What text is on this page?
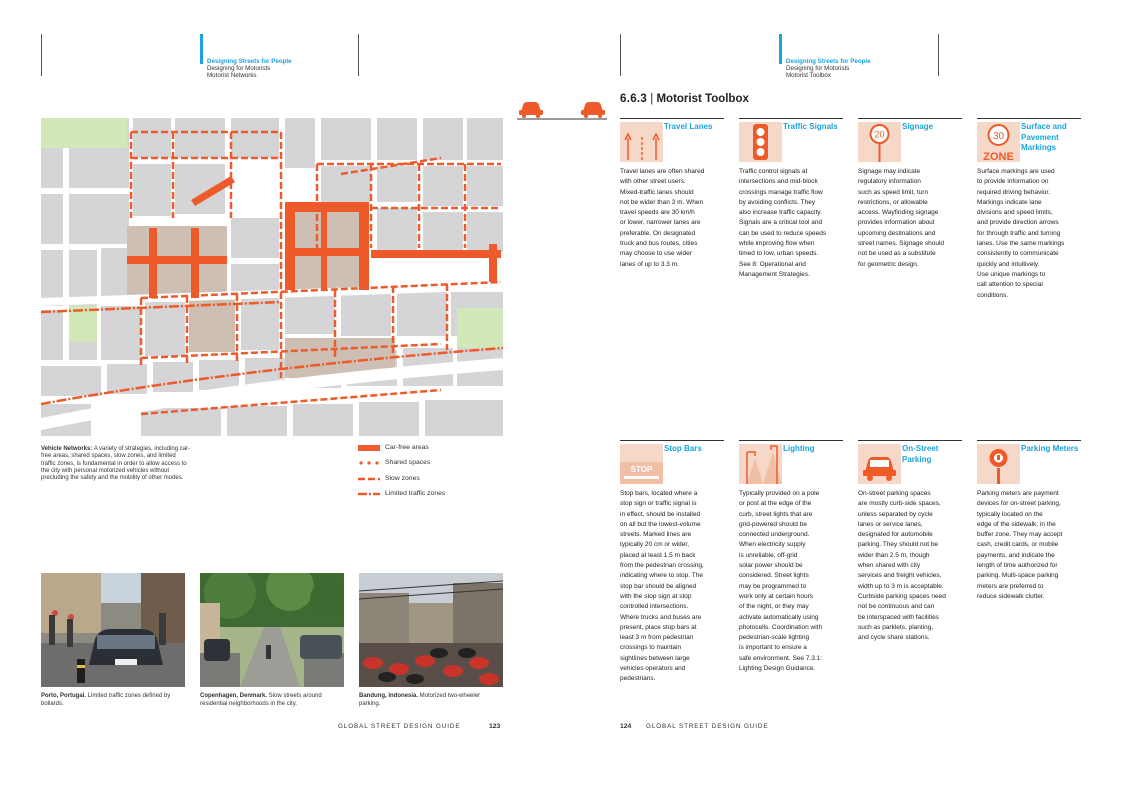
Designing Streets for People
Designing for Motorists
Motorist Networks
Vehicle Networks: A variety of strategies, including car-free areas, shared spaces, slow zones, and limited traffic zones, is fundamental in order to allow access to the city with personal motorized vehicles without precluding the safety and the mobility of other modes.
Car-free areas
Shared spaces
Slow zones
Limited traffic zones
Porto, Portugal. Limited traffic zones defined by bollards.
Copenhagen, Denmark. Slow streets around residential neighborhoods in the city.
Bandung, Indonesia. Motorized two-wheeler parking.
GLOBAL STREET DESIGN GUIDE	123
Designing Streets for People
Designing for Motorists
Motorist Toolbox
6.6.3 | Motorist Toolbox
Travel Lanes	Traffic Signals
20
Signage
30
ZONE
Surface and Pavement Markings
Travel lanes are often shared
with other street users.
Mixed-traffic lanes should
not be wider than 3 m. When
travel speeds are 30 km/h
or lower, narrower lanes are
preferable. On designated
truck and bus routes, cities
may choose to use wider
lanes of up to 3.3 m.
Traffic control signals at
intersections and mid-block
crossings manage traffic flow
by avoiding conflicts. They
also increase traffic capacity.
Signals are a critical tool and
can be used to reduce speeds
while improving flow when
timed to low, urban speeds.
See 8: Operational and
Management Strategies.
Signage may indicate
regulatory information
such as speed limit, turn
restrictions, or allowable
access. Wayfinding signage
provides information about
upcoming destinations and
street names. Signage should
not be used as a substitute
for geometric design.
Surface markings are used
to provide information on
required driving behavior.
Markings indicate lane
divisions and speed limits,
and provide direction arrows
for through traffic and turning
lanes. Use the same markings
consistently to communicate
quickly and intuitively.
Use unique markings to
call attention to special
conditions.
STOP
Stop Bars	Lighting	On-Street Parking
Parking Meters
Stop bars, located where a
stop sign or traffic signal is
in effect, should be installed
on all but the lowest-volume
streets. Marked lines are
typically 20 cm or wider,
placed at least 1.5 m back
from the pedestrian crossing,
indicating where to stop. The
stop bar should be aligned
with the stop sign at stop
controlled intersections.
Where trucks and buses are
present, place stop bars at
least 3 m from pedestrian
crossings to maintain
sightlines between large
vehicles operators and
pedestrians.
Typically provided on a pole
or post at the edge of the
curb, street lights that are
grid-powered should be
connected underground.
When electricity supply
is unreliable, off-grid
solar power should be
considered. Street lights
may be programmed to
work only at certain hours
of the night, or they may
activate automatically using
photocells. Coordination with
pedestrian-scale lighting
is important to ensure a
safe environment. See 7.3.1:
Lighting Design Guidance.
On-street parking spaces
are mostly curb-side spaces,
unless separated by cycle
lanes or service lanes,
designated for automobile
parking. They should not be
wider than 2.5 m, though
when shared with city
services and freight vehicles,
width up to 3 m is acceptable.
Curbside parking spaces need
not be continuous and can
be interspaced with facilities
such as parklets, planting,
and cycle share stations.
Parking meters are payment
devices for on-street parking,
typically located on the
edge of the sidewalk, in the
buffer zone. They may accept
cash, credit cards, or mobile
payments, and indicate the
length of time authorized for
parking. Multi-space parking
meters are preferred to
reduce sidewalk clutter.
124 GLOBAL STREET DESIGN GUIDE
